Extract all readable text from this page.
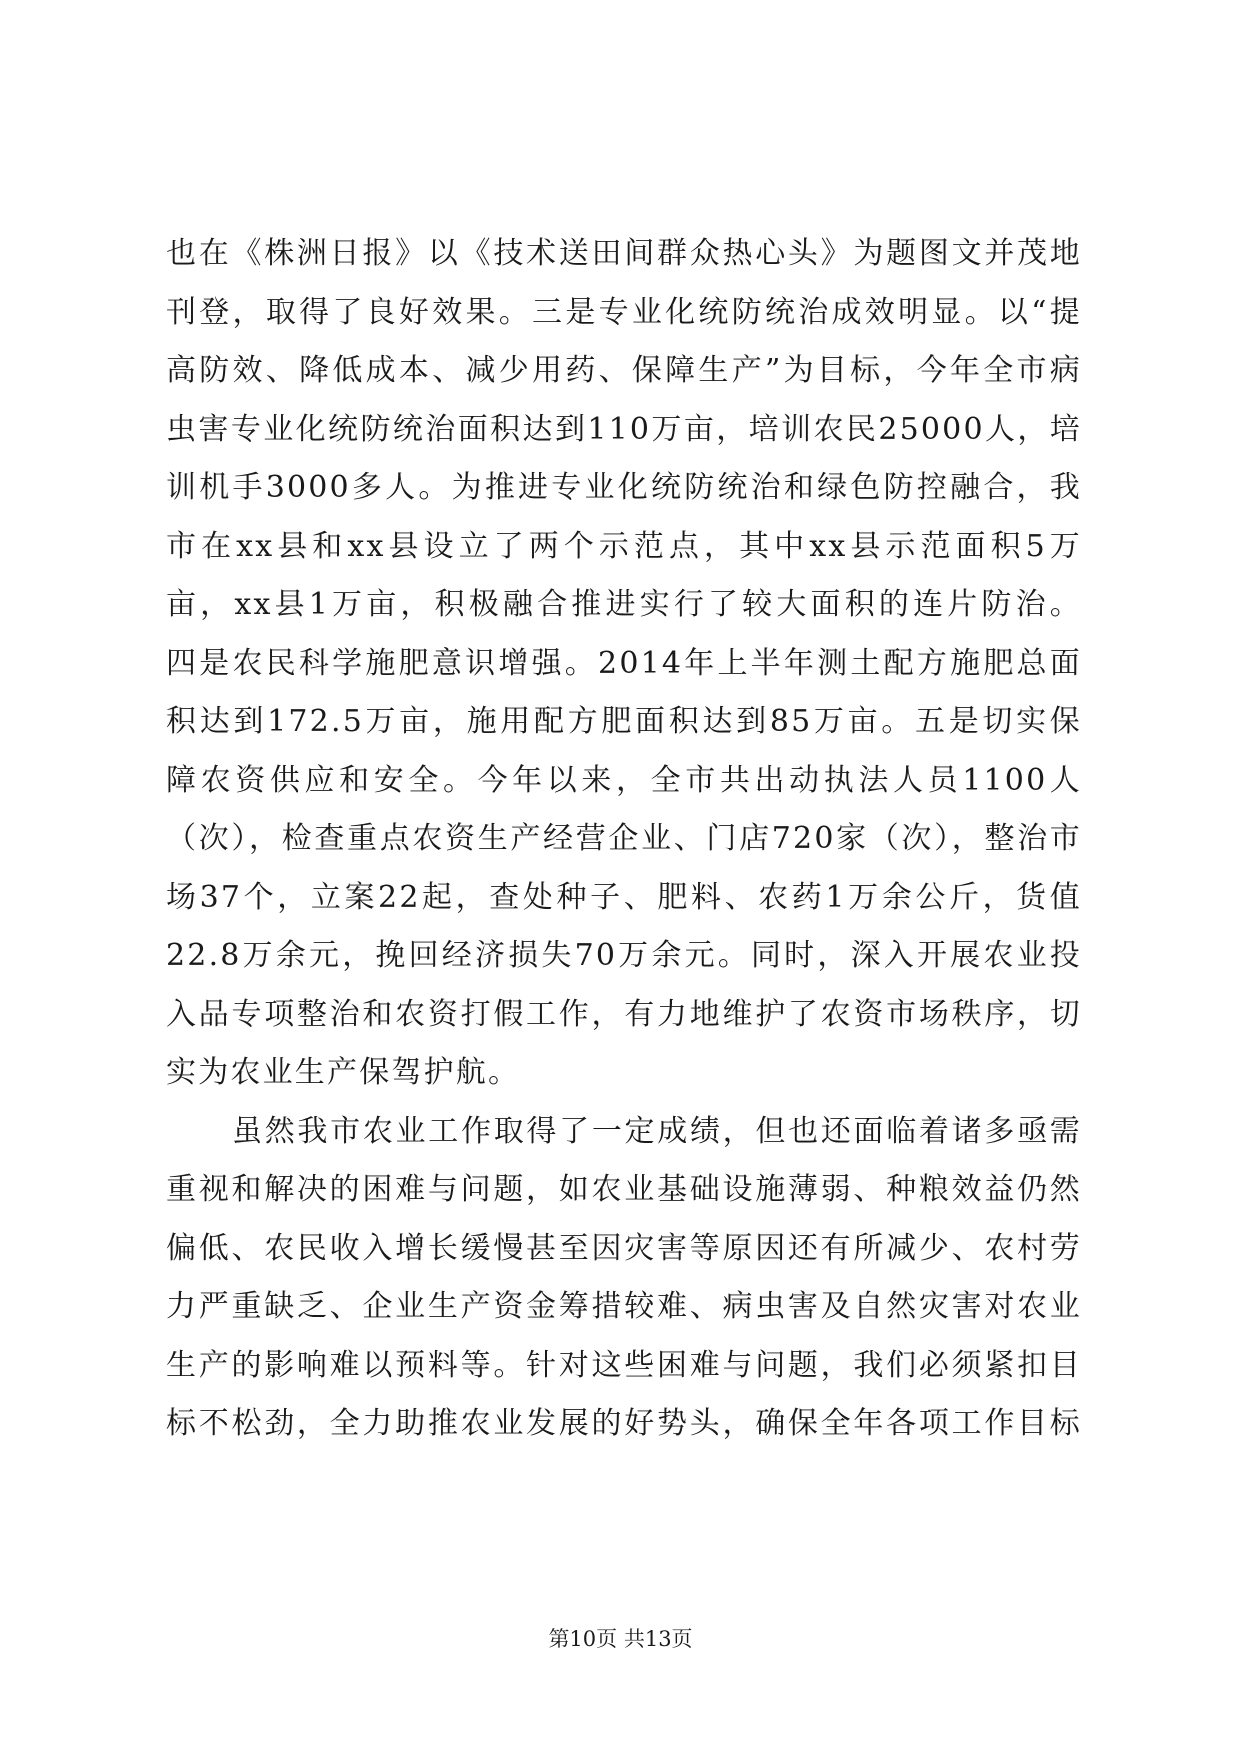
也在《株洲日报》以《技术送田间群众热心头》为题图文并茂地
刊登，取得了良好效果。三是专业化统防统治成效明显。以“提
高防效、降低成本、减少用药、保障生产”为目标，今年全市病
虫害专业化统防统治面积达到110万亩，培训农民25000人，培
训机手3000多人。为推进专业化统防统治和绿色防控融合，我
市在xx县和xx县设立了两个示范点，其中xx县示范面积5万
亩，xx县1万亩，积极融合推进实行了较大面积的连片防治。
四是农民科学施肥意识增强。2014年上半年测土配方施肥总面
积达到172.5万亩，施用配方肥面积达到85万亩。五是切实保
障农资供应和安全。今年以来，全市共出动执法人员1100人
（次），检查重点农资生产经营企业、门店720家（次），整治市
场37个，立案22起，查处种子、肥料、农药1万余公斤，货值
22.8万余元，挽回经济损失70万余元。同时，深入开展农业投
入品专项整治和农资打假工作，有力地维护了农资市场秩序，切
实为农业生产保驾护航。
虽然我市农业工作取得了一定成绩，但也还面临着诸多亟需
重视和解决的困难与问题，如农业基础设施薄弱、种粮效益仍然
偏低、农民收入增长缓慢甚至因灾害等原因还有所减少、农村劳
力严重缺乏、企业生产资金筹措较难、病虫害及自然灾害对农业
生产的影响难以预料等。针对这些困难与问题，我们必须紧扣目
标不松劲，全力助推农业发展的好势头，确保全年各项工作目标
第10页 共13页
